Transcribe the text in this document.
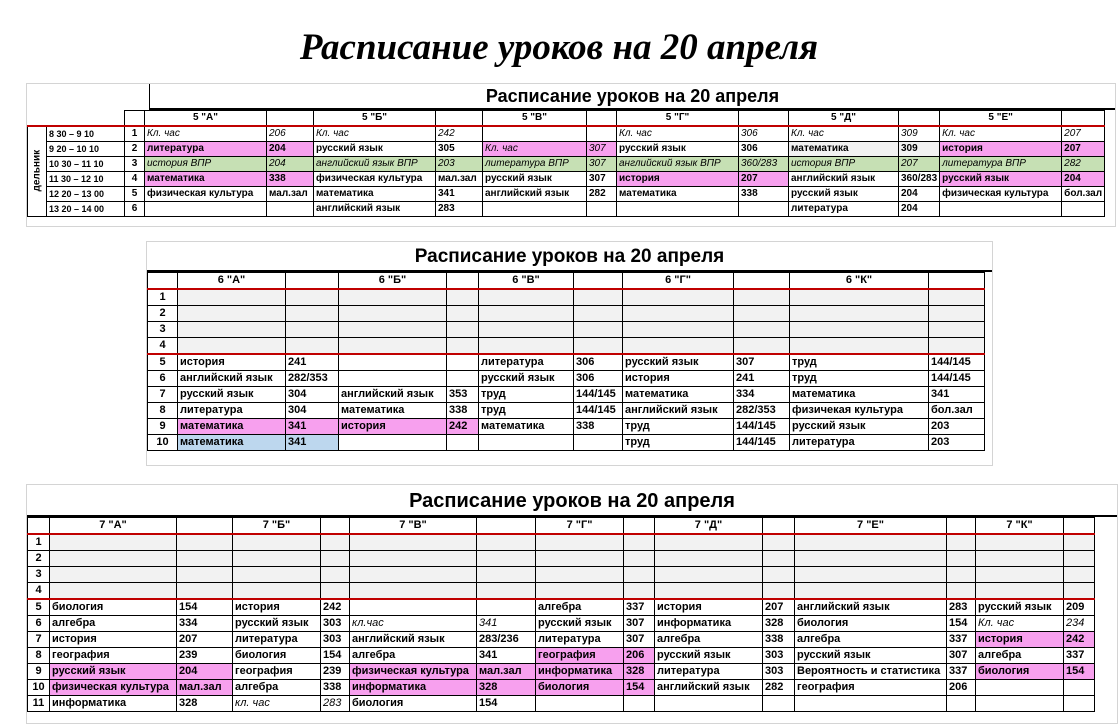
Расписание уроков на 20 апреля
Расписание уроков на 20 апреля
			5 "А"		5 "Б"		5 "В"		5 "Г"		5 "Д"		5 "Е"	
дельник	8 30 – 9 10	1	Кл. час	206	Кл. час	242			Кл. час	306	Кл. час	309	Кл. час	207
	9 20 – 10 10	2	литература	204	русский язык	305	Кл. час	307	русский язык	306	математика	309	история	207
	10 30 – 11 10	3	история ВПР	204	английский язык ВПР	203	литература ВПР	307	английский язык ВПР	360/283	история ВПР	207	литература ВПР	282
	11 30 – 12 10	4	математика	338	физическая культура	мал.зал	русский язык	307	история	207	английский язык	360/283	русский язык	204
	12 20 – 13 00	5	физическая культура	мал.зал	математика	341	английский язык	282	математика	338	русский язык	204	физическая культура	бол.зал
	13 20 – 14 00	6			английский язык	283					литература	204		
Расписание уроков на 20 апреля
	6 "А"		6 "Б"		6 "В"		6 "Г"		6 "К"	
1										
2										
3										
4										
5	история	241			литература	306	русский язык	307	труд	144/145
6	английский язык	282/353			русский язык	306	история	241	труд	144/145
7	русский язык	304	английский язык	353	труд	144/145	математика	334	математика	341
8	литература	304	математика	338	труд	144/145	английский язык	282/353	физичекая культура	бол.зал
9	математика	341	история	242	математика	338	труд	144/145	русский язык	203
10	математика	341					труд	144/145	литература	203
Расписание уроков на 20 апреля
	7 "А"		7 "Б"		7 "В"		7 "Г"		7 "Д"		7 "Е"		7 "К"	
1														
2														
3														
4														
5	биология	154	история	242			алгебра	337	история	207	английский язык	283	русский язык	209
6	алгебра	334	русский язык	303	кл.час	341	русский язык	307	информатика	328	биология	154	Кл. час	234
7	история	207	литература	303	английский язык	283/236	литература	307	алгебра	338	алгебра	337	история	242
8	география	239	биология	154	алгебра	341	география	206	русский язык	303	русский язык	307	алгебра	337
9	русский язык	204	география	239	физическая культура	мал.зал	информатика	328	литература	303	Вероятность и статистика	337	биология	154
10	физическая культура	мал.зал	алгебра	338	информатика	328	биология	154	английский язык	282	география	206		
11	информатика	328	кл. час	283	биология	154								
